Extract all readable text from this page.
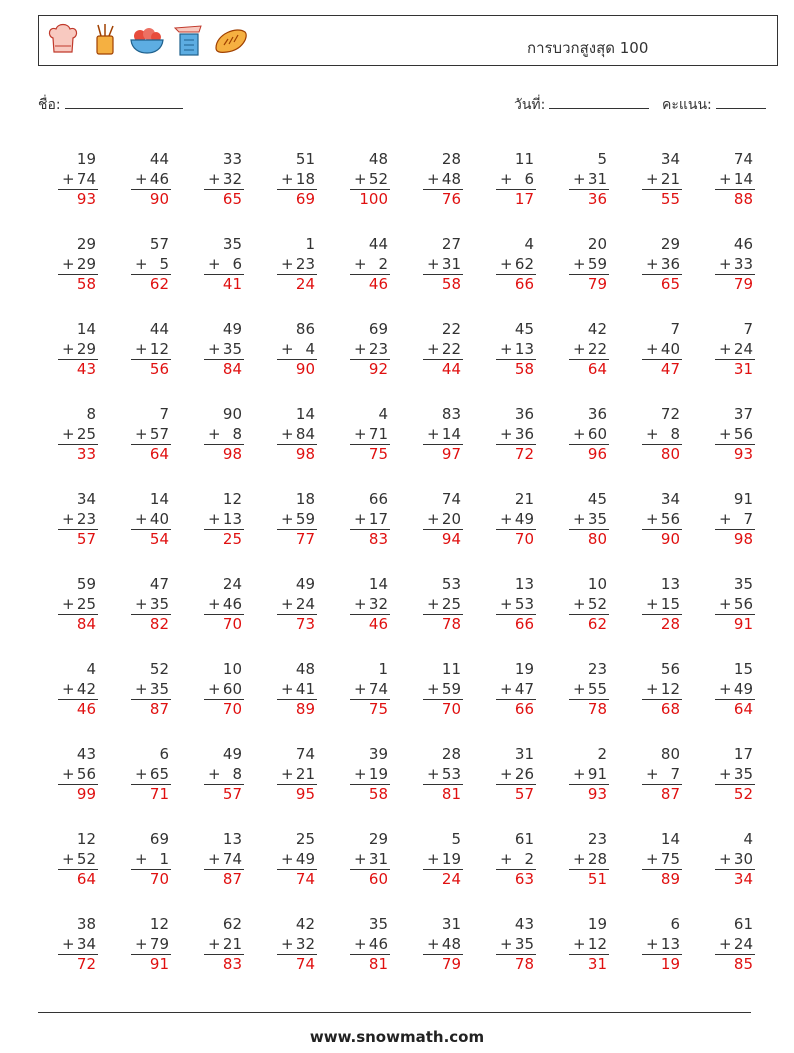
การบวกสูงสุด 100
ชื่อ:	วันที่:	คะแนน:
19
+ 74
93
44
+ 46
90
33
+ 32
65
51
+ 18
69
48
+ 52
100
28
+ 48
76
11
+ 6
17
5
+ 31
36
34
+ 21
55
74
+ 14
88
29
+ 29
58
57
+ 5
62
35
+ 6
41
1
+ 23
24
44
+ 2
46
27
+ 31
58
4
+ 62
66
20
+ 59
79
29
+ 36
65
46
+ 33
79
14
+ 29
43
44
+ 12
56
49
+ 35
84
86
+ 4
90
69
+ 23
92
22
+ 22
44
45
+ 13
58
42
+ 22
64
7
+ 40
47
7
+ 24
31
8
+ 25
33
7
+ 57
64
90
+ 8
98
14
+ 84
98
4
+ 71
75
83
+ 14
97
36
+ 36
72
36
+ 60
96
72
+ 8
80
37
+ 56
93
34
+ 23
57
14
+ 40
54
12
+ 13
25
18
+ 59
77
66
+ 17
83
74
+ 20
94
21
+ 49
70
45
+ 35
80
34
+ 56
90
91
+ 7
98
59
+ 25
84
47
+ 35
82
24
+ 46
70
49
+ 24
73
14
+ 32
46
53
+ 25
78
13
+ 53
66
10
+ 52
62
13
+ 15
28
35
+ 56
91
4
+ 42
46
52
+ 35
87
10
+ 60
70
48
+ 41
89
1
+ 74
75
11
+ 59
70
19
+ 47
66
23
+ 55
78
56
+ 12
68
15
+ 49
64
43
+ 56
99
6
+ 65
71
49
+ 8
57
74
+ 21
95
39
+ 19
58
28
+ 53
81
31
+ 26
57
2
+ 91
93
80
+ 7
87
17
+ 35
52
12
+ 52
64
69
+ 1
70
13
+ 74
87
25
+ 49
74
29
+ 31
60
5
+ 19
24
61
+ 2
63
23
+ 28
51
14
+ 75
89
4
+ 30
34
38
+ 34
72
12
+ 79
91
62
+ 21
83
42
+ 32
74
35
+ 46
81
31
+ 48
79
43
+ 35
78
19
+ 12
31
6
+ 13
19
61
+ 24
85
www.snowmath.com
